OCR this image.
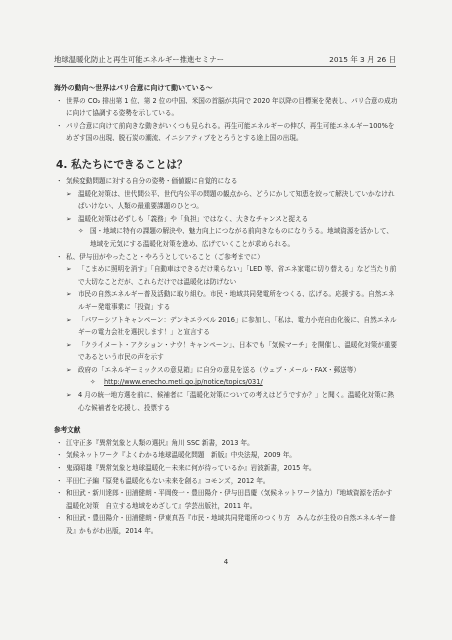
地球温暖化防止と再生可能エネルギー推進セミナー	2015 年 3 月 26 日
海外の動向～世界はパリ合意に向けて動いている～
・ 世界の CO₂ 排出第 1 位、第 2 位の中国、米国の首脳が共同で 2020 年以降の目標案を発表し、パリ合意の成功に向けて協調する姿勢を示している。
・ パリ合意に向けて前向きな動きがいくつも見られる。再生可能エネルギーの伸び、再生可能エネルギー100%をめざす国の出現、脱石炭の潮流、イニシアティブをとろうとする途上国の出現。
4. 私たちにできることは？
・ 気候変動問題に対する自分の姿勢・価値観に自覚的になる
➢ 温暖化対策は、世代間公平、世代内公平の問題の観点から、どうにかして知恵を絞って解決していかなければいけない、人類の最重要課題のひとつ。
➢ 温暖化対策は必ずしも「義務」や「負担」ではなく、大きなチャンスと捉える
✧ 国・地域に特有の課題の解決や、魅力向上につながる前向きなものになりうる。地域資源を活かして、地域を元気にする温暖化対策を進め、広げていくことが求められる。
・ 私、伊与田がやったこと・やろうとしていること（ご参考までに）
➢ 「こまめに照明を消す」「自動車はできるだけ乗らない」「LED 等、省エネ家電に切り替える」など当たり前で大切なことだが、これらだけでは温暖化は防げない
➢ 市民の自然エネルギー普及活動に取り組む。市民・地域共同発電所をつくる、広げる。応援する。自然エネルギー発電事業に「投資」する
➢ 「パワーシフトキャンペーン：デンキエラベル 2016」に参加し、「私は、電力小売自由化後に、自然エネルギーの電力会社を選択します！」と宣言する
➢ 「クライメート・アクション・ナウ！キャンペーン」、日本でも「気候マーチ」を開催し、温暖化対策が重要であるという市民の声を示す
➢ 政府の「エネルギーミックスの意見箱」に自分の意見を送る（ウェブ・メール・FAX・郵送等）
✧ http://www.enecho.meti.go.jp/notice/topics/031/
➢ 4 月の統一地方選を前に、候補者に「温暖化対策についての考えはどうですか？」と聞く。温暖化対策に熱心な候補者を応援し、投票する
参考文献
・ 江守正多『異常気象と人類の選択』角川 SSC 新書，2013 年。
・ 気候ネットワーク『よくわかる地球温暖化問題　新版』中央法規，2009 年。
・ 鬼頭昭雄『異常気象と地球温暖化－未来に何が待っているか』岩波新書，2015 年。
・ 平田仁子編『原発も温暖化もない未来を創る』コモンズ，2012 年。
・ 和田武・新川達郎・田浦健朗・平岡俊一・豊田陽介・伊与田昌慶（気候ネットワーク協力）『地域資源を活かす温暖化対策　自立する地域をめざして』学芸出版社，2011 年。
・ 和田武・豊田陽介・田浦健朗・伊東真吾『市民・地域共同発電所のつくり方　みんなが主役の自然エネルギー普及』かもがわ出版，2014 年。
4
